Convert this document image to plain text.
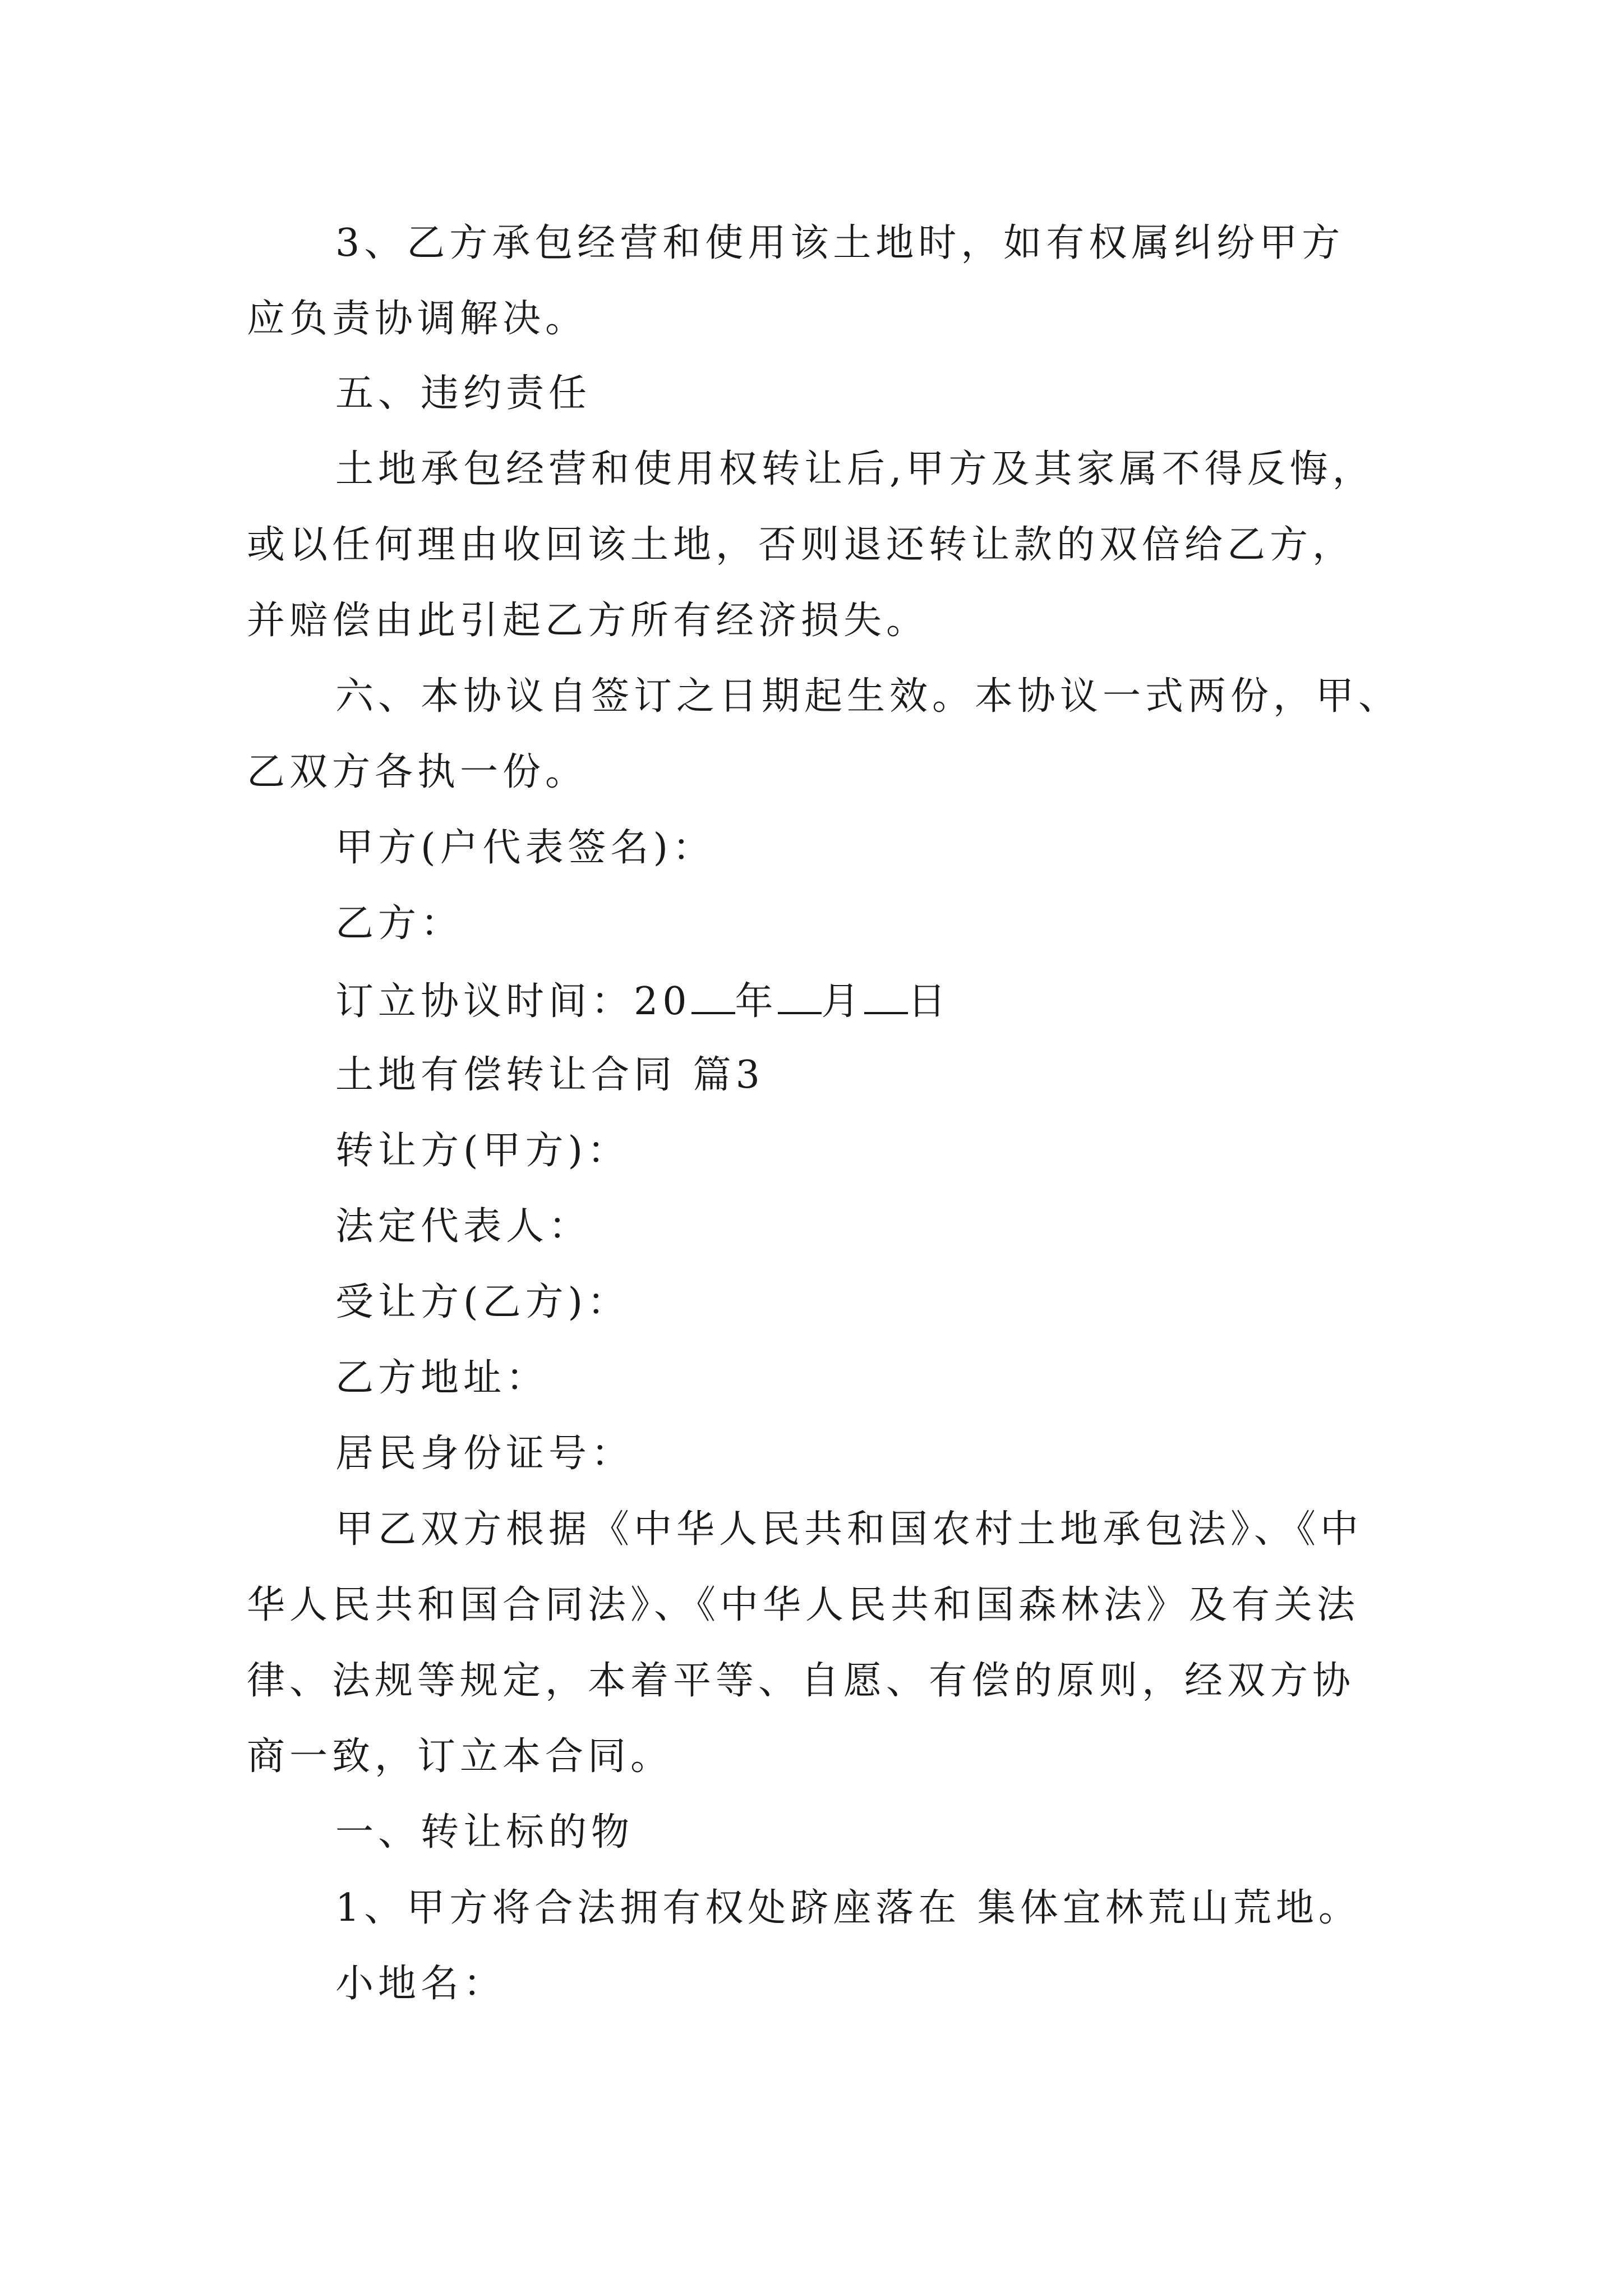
3、乙方承包经营和使用该土地时，如有权属纠纷甲方
应负责协调解决。
五、违约责任
土地承包经营和使用权转让后,甲方及其家属不得反悔，
或以任何理由收回该土地，否则退还转让款的双倍给乙方，
并赔偿由此引起乙方所有经济损失。
六、本协议自签订之日期起生效。本协议一式两份，甲、
乙双方各执一份。
甲方(户代表签名)：
乙方：
订立协议时间：20 年 月 日
土地有偿转让合同 篇3
转让方(甲方)：
法定代表人：
受让方(乙方)：
乙方地址：
居民身份证号：
甲乙双方根据《中华人民共和国农村土地承包法》、《中
华人民共和国合同法》、《中华人民共和国森林法》及有关法
律、法规等规定，本着平等、自愿、有偿的原则，经双方协
商一致，订立本合同。
一、转让标的物
1、甲方将合法拥有权处跻座落在 集体宜林荒山荒地。
小地名：
